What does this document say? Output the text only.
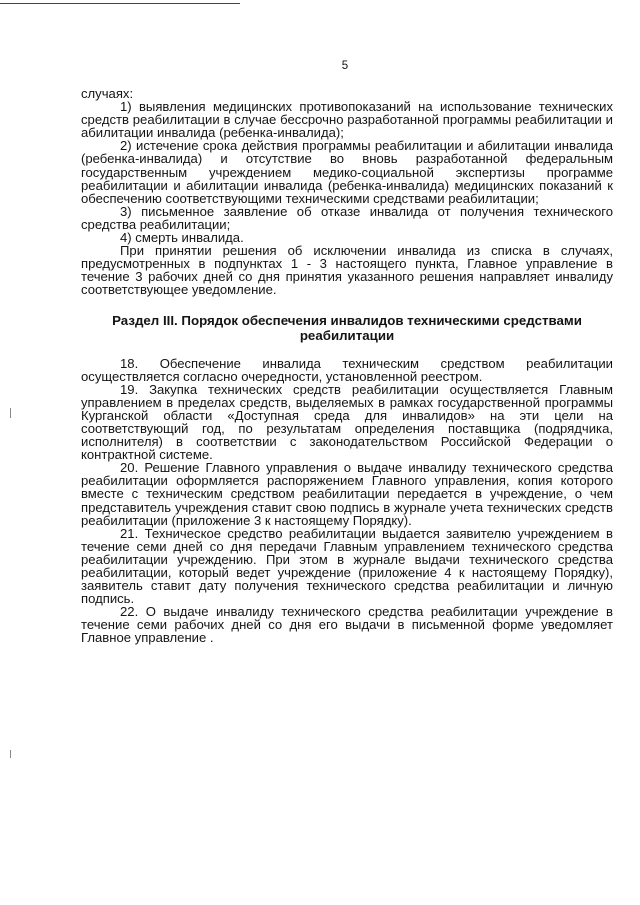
5

случаях:

1) выявления медицинских противопоказаний на использование технических средств реабилитации в случае бессрочно разработанной программы реабилитации и абилитации инвалида (ребенка-инвалида);

2) истечение срока действия программы реабилитации и абилитации инвалида (ребенка-инвалида) и отсутствие во вновь разработанной федеральным государственным учреждением медико-социальной экспертизы программе реабилитации и абилитации инвалида (ребенка-инвалида) медицинских показаний к обеспечению соответствующими техническими средствами реабилитации;

3) письменное заявление об отказе инвалида от получения технического средства реабилитации;

4) смерть инвалида.

При принятии решения об исключении инвалида из списка в случаях, предусмотренных в подпунктах 1 - 3 настоящего пункта, Главное управление в течение 3 рабочих дней со дня принятия указанного решения направляет инвалиду соответствующее уведомление.

Раздел III. Порядок обеспечения инвалидов техническими средствами реабилитации

18. Обеспечение инвалида техническим средством реабилитации осуществляется согласно очередности, установленной реестром.

19. Закупка технических средств реабилитации осуществляется Главным управлением в пределах средств, выделяемых в рамках государственной программы Курганской области «Доступная среда для инвалидов» на эти цели на соответствующий год, по результатам определения поставщика (подрядчика, исполнителя) в соответствии с законодательством Российской Федерации о контрактной системе.

20. Решение Главного управления о выдаче инвалиду технического средства реабилитации оформляется распоряжением Главного управления, копия которого вместе с техническим средством реабилитации передается в учреждение, о чем представитель учреждения ставит свою подпись в журнале учета технических средств реабилитации (приложение 3 к настоящему Порядку).

21. Техническое средство реабилитации выдается заявителю учреждением в течение семи дней со дня передачи Главным управлением технического средства реабилитации учреждению. При этом в журнале выдачи технического средства реабилитации, который ведет учреждение (приложение 4 к настоящему Порядку), заявитель ставит дату получения технического средства реабилитации и личную подпись.

22. О выдаче инвалиду технического средства реабилитации учреждение в течение семи рабочих дней со дня его выдачи в письменной форме уведомляет Главное управление .
